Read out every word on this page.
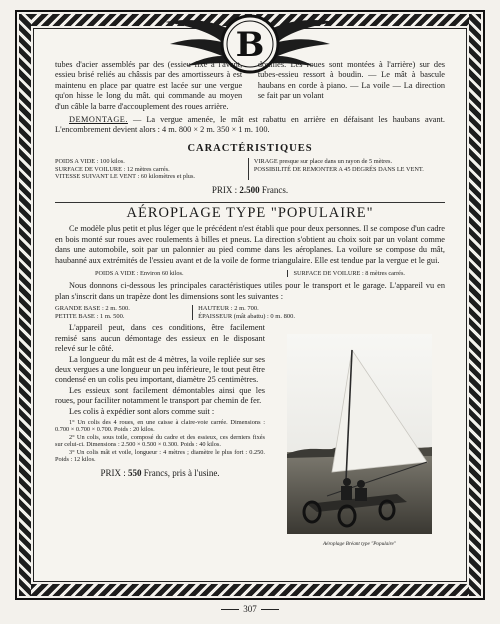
B

tubes d'acier assemblés par des (essieu fixe à l'avant, essieu brisé reliés au châssis par des amortisseurs à est maintenu en place par quatre est lacée sur une vergue qu'on hisse le long du mât. qui commande au moyen d'un câble la barre d'accouplement des roues arrière.

douilles. Les roues sont montées à l'arrière) sur des tubes-essieu ressort à boudin. — Le mât à bascule haubans en corde à piano. — La voile — La direction se fait par un volant

DEMONTAGE. — La vergue amenée, le mât est rabattu en arrière en défaisant les haubans avant. L'encombrement devient alors : 4 m. 800 × 2 m. 350 × 1 m. 100.

CARACTÉRISTIQUES
POIDS A VIDE : 100 kilos.
SURFACE DE VOILURE : 12 mètres carrés.
VITESSE SUIVANT LE VENT : 60 kilomètres et plus.
VIRAGE presque sur place dans un rayon de 5 mètres.
POSSIBILITÉ DE REMONTER A 45 DEGRÉS DANS LE VENT.
PRIX : 2.500 Francs.
AÉROPLAGE TYPE "POPULAIRE"

Ce modèle plus petit et plus léger que le précédent n'est établi que pour deux personnes. Il se compose d'un cadre en bois monté sur roues avec roulements à billes et pneus. La direction s'obtient au choix soit par un volant comme dans une automobile, soit par un palonnier au pied comme dans les aéroplanes. La voilure se compose du mât, haubanné aux extrémités de l'essieu avant et de la voile de forme triangulaire. Elle est tendue par la vergue et le gui.

POIDS A VIDE : Environ 60 kilos.	SURFACE DE VOILURE : 8 mètres carrés.

Nous donnons ci-dessous les principales caractéristiques utiles pour le transport et le garage. L'appareil vu en plan s'inscrit dans un trapèze dont les dimensions sont les suivantes :

GRANDE BASE : 2 m. 500.
PETITE BASE : 1 m. 500.
HAUTEUR : 2 m. 700.
ÉPAISSEUR (mât abattu) : 0 m. 800.

L'appareil peut, dans ces conditions, être facilement remisé sans aucun démontage des essieux en le disposant relevé sur le côté.

La longueur du mât est de 4 mètres, la voile repliée sur ses deux vergues a une longueur un peu inférieure, le tout peut être condensé en un colis peu important, diamètre 25 centimètres.

Les essieux sont facilement démontables ainsi que les roues, pour faciliter notamment le transport par chemin de fer.

Les colis à expédier sont alors comme suit :

1° Un colis des 4 roues, en une caisse à claire-voie carrée. Dimensions : 0.700 × 0.700 × 0.700. Poids : 20 kilos.

2° Un colis, sous toile, composé du cadre et des essieux, ces derniers fixés sur celui-ci. Dimensions : 2.500 × 0.500 × 0.300. Poids : 40 kilos.

3° Un colis mât et voile, longueur : 4 mètres ; diamètre le plus fort : 0.250. Poids : 12 kilos.

PRIX : 550 Francs, pris à l'usine.
Aéroplage Bréant type "Populaire"
307
